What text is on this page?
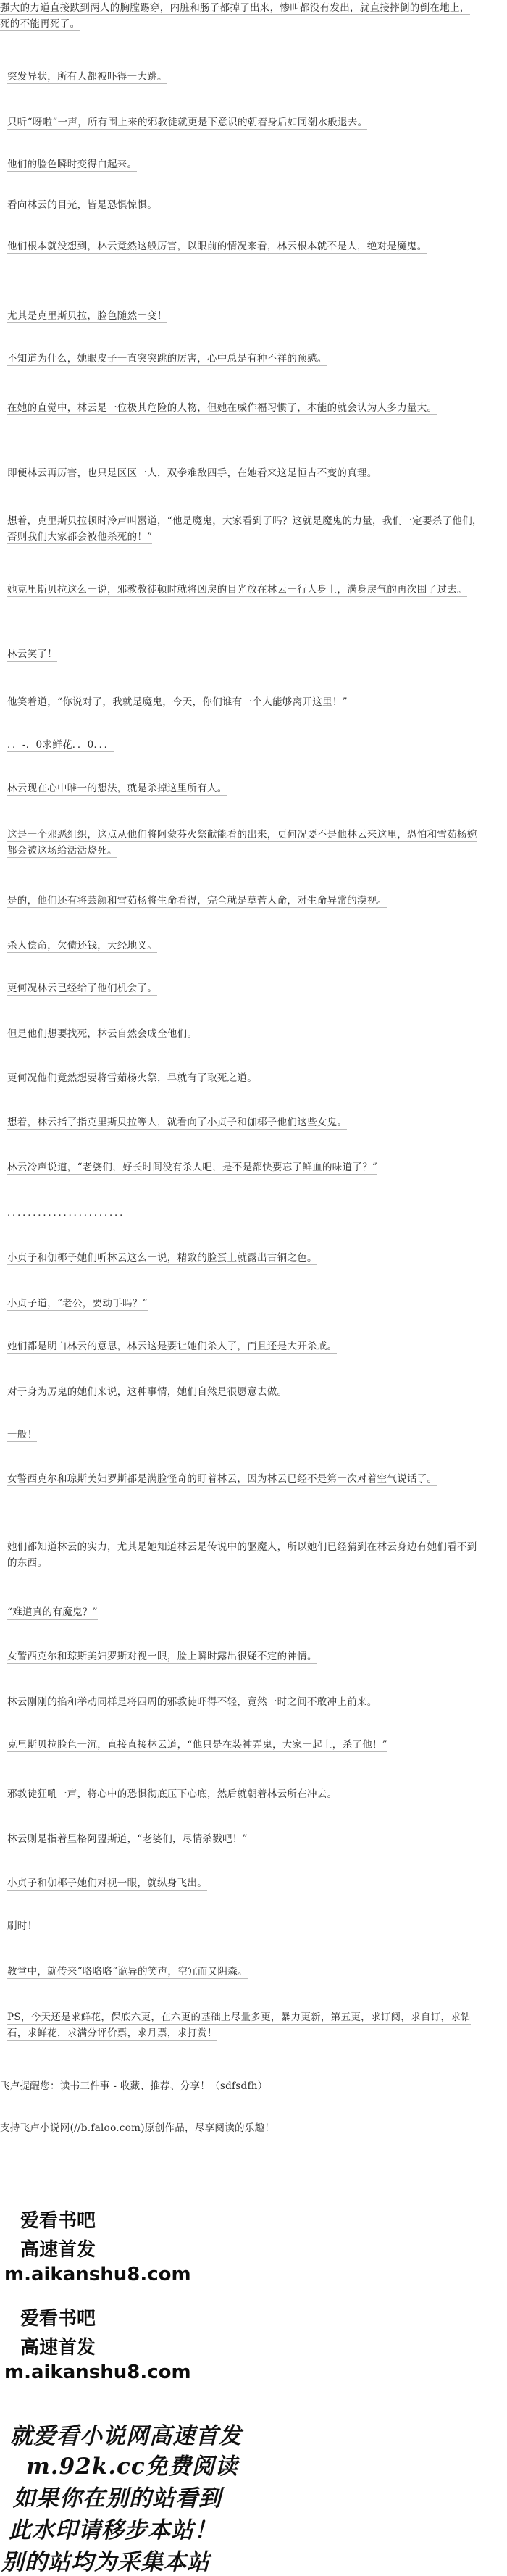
强大的力道直接跌到两人的胸膛踢穿，内脏和肠子都掉了出来，惨叫都没有发出，就直接摔倒的倒在地上，死的不能再死了。
突发异状，所有人都被吓得一大跳。
只听“呀啦”一声，所有围上来的邪教徒就更是下意识的朝着身后如同潮水般退去。
他们的脸色瞬时变得白起来。
看向林云的目光，皆是恐惧惊惧。
他们根本就没想到，林云竟然这般厉害，以眼前的情况来看，林云根本就不是人，绝对是魔鬼。
尤其是克里斯贝拉，脸色随然一变！
不知道为什么，她眼皮子一直突突跳的厉害，心中总是有种不祥的预感。
在她的直觉中，林云是一位极其危险的人物，但她在威作福习惯了，本能的就会认为人多力量大。
即便林云再厉害，也只是区区一人，双拳难敌四手，在她看来这是恒古不变的真理。
想着，克里斯贝拉顿时冷声叫嚣道，“他是魔鬼，大家看到了吗？这就是魔鬼的力量，我们一定要杀了他们，否则我们大家都会被他杀死的！”
她克里斯贝拉这么一说，邪教教徒顿时就将凶戾的目光放在林云一行人身上，满身戾气的再次围了过去。
林云笑了！
他笑着道，“你说对了，我就是魔鬼，今天，你们谁有一个人能够离开这里！”
．．-．0求鲜花．．0．．．
林云现在心中唯一的想法，就是杀掉这里所有人。
这是一个邪恶组织，这点从他们将阿蒙芬火祭献能看的出来，更何况要不是他林云来这里，恐怕和雪茹杨婉都会被这场给活活烧死。
是的，他们还有将芸颜和雪茹杨将生命看得，完全就是草菅人命，对生命异常的漠视。
杀人偿命，欠债还钱，天经地义。
更何况林云已经给了他们机会了。
但是他们想要找死，林云自然会成全他们。
更何况他们竟然想要将雪茹杨火祭，早就有了取死之道。
想着，林云指了指克里斯贝拉等人，就看向了小贞子和伽椰子他们这些女鬼。
林云冷声说道，“老婆们，好长时间没有杀人吧，是不是都快要忘了鲜血的味道了？”
．．．．．．．．．．．．．．．．．．．．．．．
小贞子和伽椰子她们听林云这么一说，精致的脸蛋上就露出古铜之色。
小贞子道，“老公，要动手吗？”
她们都是明白林云的意思，林云这是要让她们杀人了，而且还是大开杀戒。
对于身为厉鬼的她们来说，这种事情，她们自然是很愿意去做。
一般！
女警西克尔和琼斯美妇罗斯都是满脸怪奇的盯着林云，因为林云已经不是第一次对着空气说话了。
她们都知道林云的实力，尤其是她知道林云是传说中的驱魔人，所以她们已经猜到在林云身边有她们看不到的东西。
“难道真的有魔鬼？”
女警西克尔和琼斯美妇罗斯对视一眼，脸上瞬时露出很疑不定的神情。
林云刚刚的掐和举动同样是将四周的邪教徒吓得不轻，竟然一时之间不敢冲上前来。
克里斯贝拉脸色一沉，直接直接林云道，“他只是在装神弄鬼，大家一起上，杀了他！”
邪教徒狂吼一声，将心中的恐惧彻底压下心底，然后就朝着林云所在冲去。
林云则是指着里格阿盟斯道，“老婆们，尽情杀戮吧！”
小贞子和伽椰子她们对视一眼，就纵身飞出。
刷时！
教堂中，就传来“咯咯咯”诡异的笑声，空冗而又阴森。
PS，今天还是求鲜花，保底六更，在六更的基础上尽量多更，暴力更新，第五更，求订阅，求自订，求钻石，求鲜花，求满分评价票，求月票，求打赏！
飞卢提醒您：读书三件事 - 收藏、推荐、分享！（sdfsdfh）
支持飞卢小说网(//b.faloo.com)原创作品，尽享阅读的乐趣！
爱看书吧
高速首发
m.aikanshu8.com
爱看书吧
高速首发
m.aikanshu8.com
就爱看小说网高速首发
m.92k.cc免费阅读
如果你在别的站看到
此水印请移步本站！
别的站均为采集本站
